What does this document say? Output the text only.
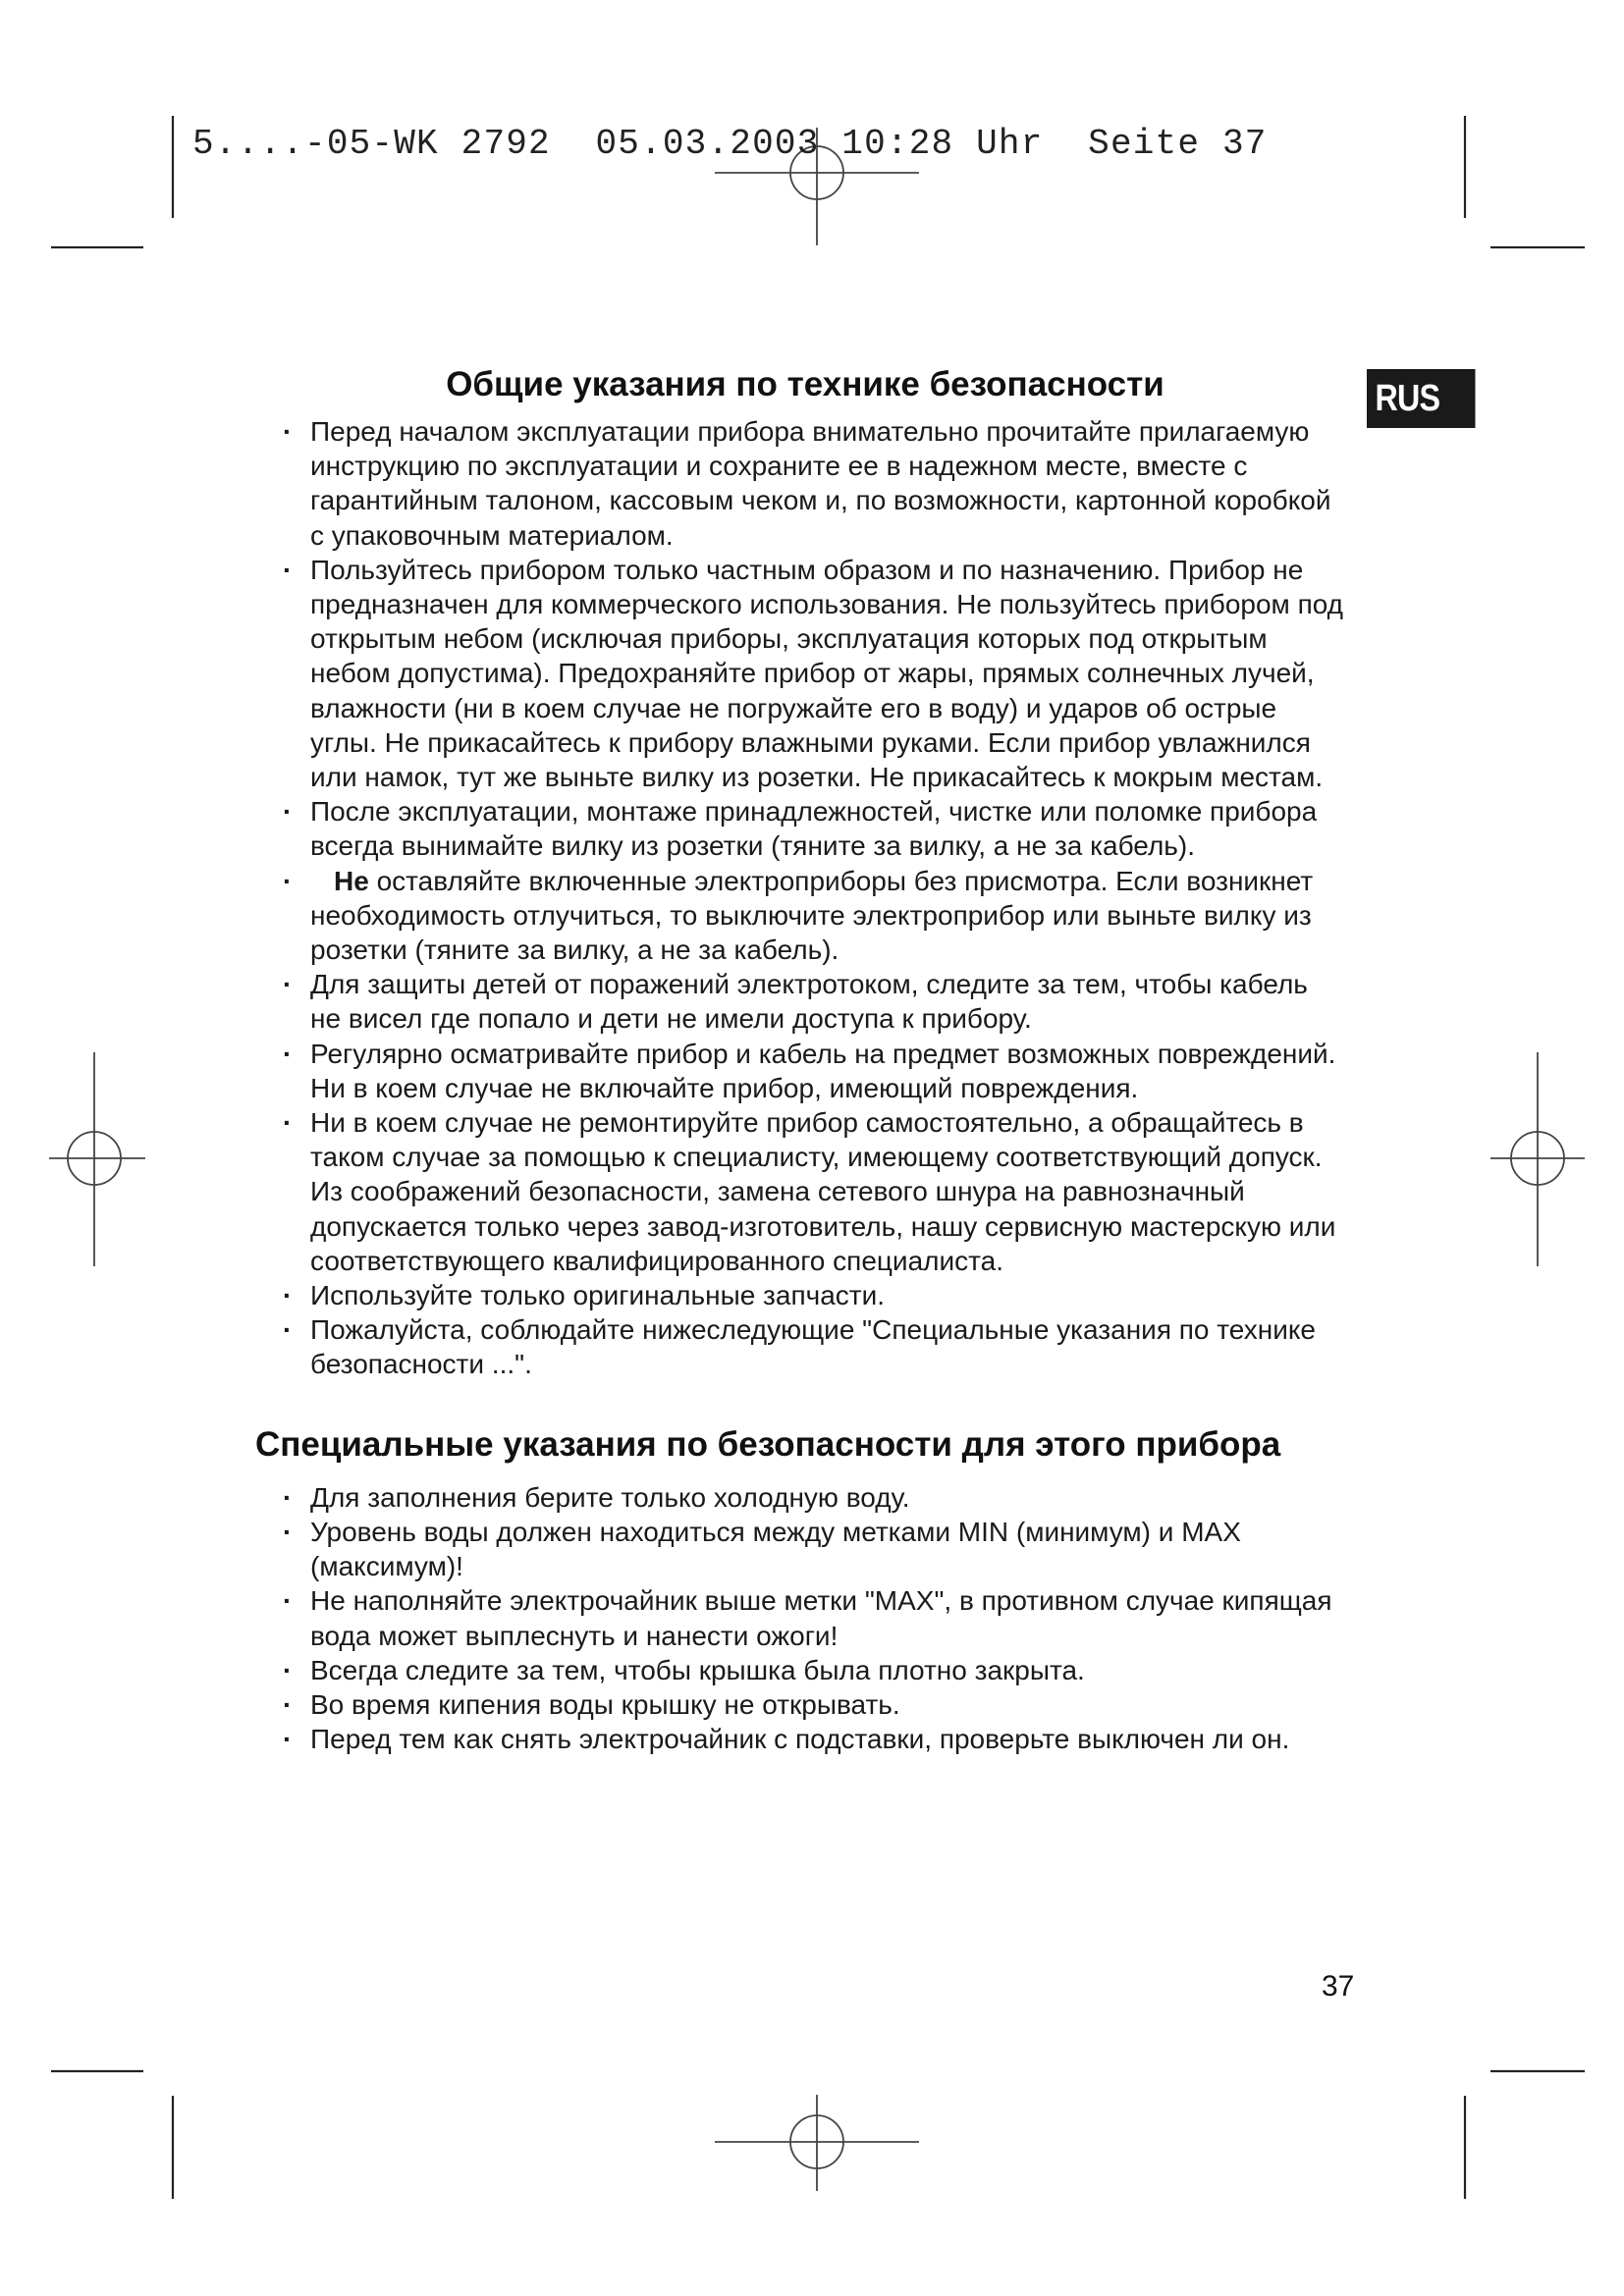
5....-05-WK 2792  05.03.2003 10:28 Uhr  Seite 37
RUS
Общие указания по технике безопасности
· Перед началом эксплуатации прибора внимательно прочитайте прилагаемую инструкцию по эксплуатации и сохраните ее в надежном месте, вместе с гарантийным талоном, кассовым чеком и, по возможности, картонной коробкой с упаковочным материалом.
· Пользуйтесь прибором только частным образом и по назначению. Прибор не предназначен для коммерческого использования. Не пользуйтесь прибором под открытым небом (исключая приборы, эксплуатация которых под открытым небом допустима). Предохраняйте прибор от жары, прямых солнечных лучей, влажности (ни в коем случае не погружайте его в воду) и ударов об острые углы. Не прикасайтесь к прибору влажными руками. Если прибор увлажнился или намок, тут же выньте вилку из розетки. Не прикасайтесь к мокрым местам.
· После эксплуатации, монтаже принадлежностей, чистке или поломке прибора всегда вынимайте вилку из розетки (тяните за вилку, а не за кабель).
· Не оставляйте включенные электроприборы без присмотра. Если возникнет необходимость отлучиться, то выключите электроприбор или выньте вилку из розетки (тяните за вилку, а не за кабель).
· Для защиты детей от поражений электротоком, следите за тем, чтобы кабель не висел где попало и дети не имели доступа к прибору.
· Регулярно осматривайте прибор и кабель на предмет возможных повреждений. Ни в коем случае не включайте прибор, имеющий повреждения.
· Ни в коем случае не ремонтируйте прибор самостоятельно, а обращайтесь в таком случае за помощью к специалисту, имеющему соответствующий допуск. Из соображений безопасности, замена сетевого шнура на равнозначный допускается только через завод-изготовитель, нашу сервисную мастерскую или соответствующего квалифицированного специалиста.
· Используйте только оригинальные запчасти.
· Пожалуйста, соблюдайте нижеследующие "Специальные указания по технике безопасности ...".
Специальные указания по безопасности для этого прибора
· Для заполнения берите только холодную воду.
· Уровень воды должен находиться между метками MIN (минимум) и MAX (максимум)!
· Не наполняйте электрочайник выше метки "MAX", в противном случае кипящая вода может выплеснуть и нанести ожоги!
· Всегда следите за тем, чтобы крышка была плотно закрыта.
· Во время кипения воды крышку не открывать.
· Перед тем как снять электрочайник с подставки, проверьте выключен ли он.
37
